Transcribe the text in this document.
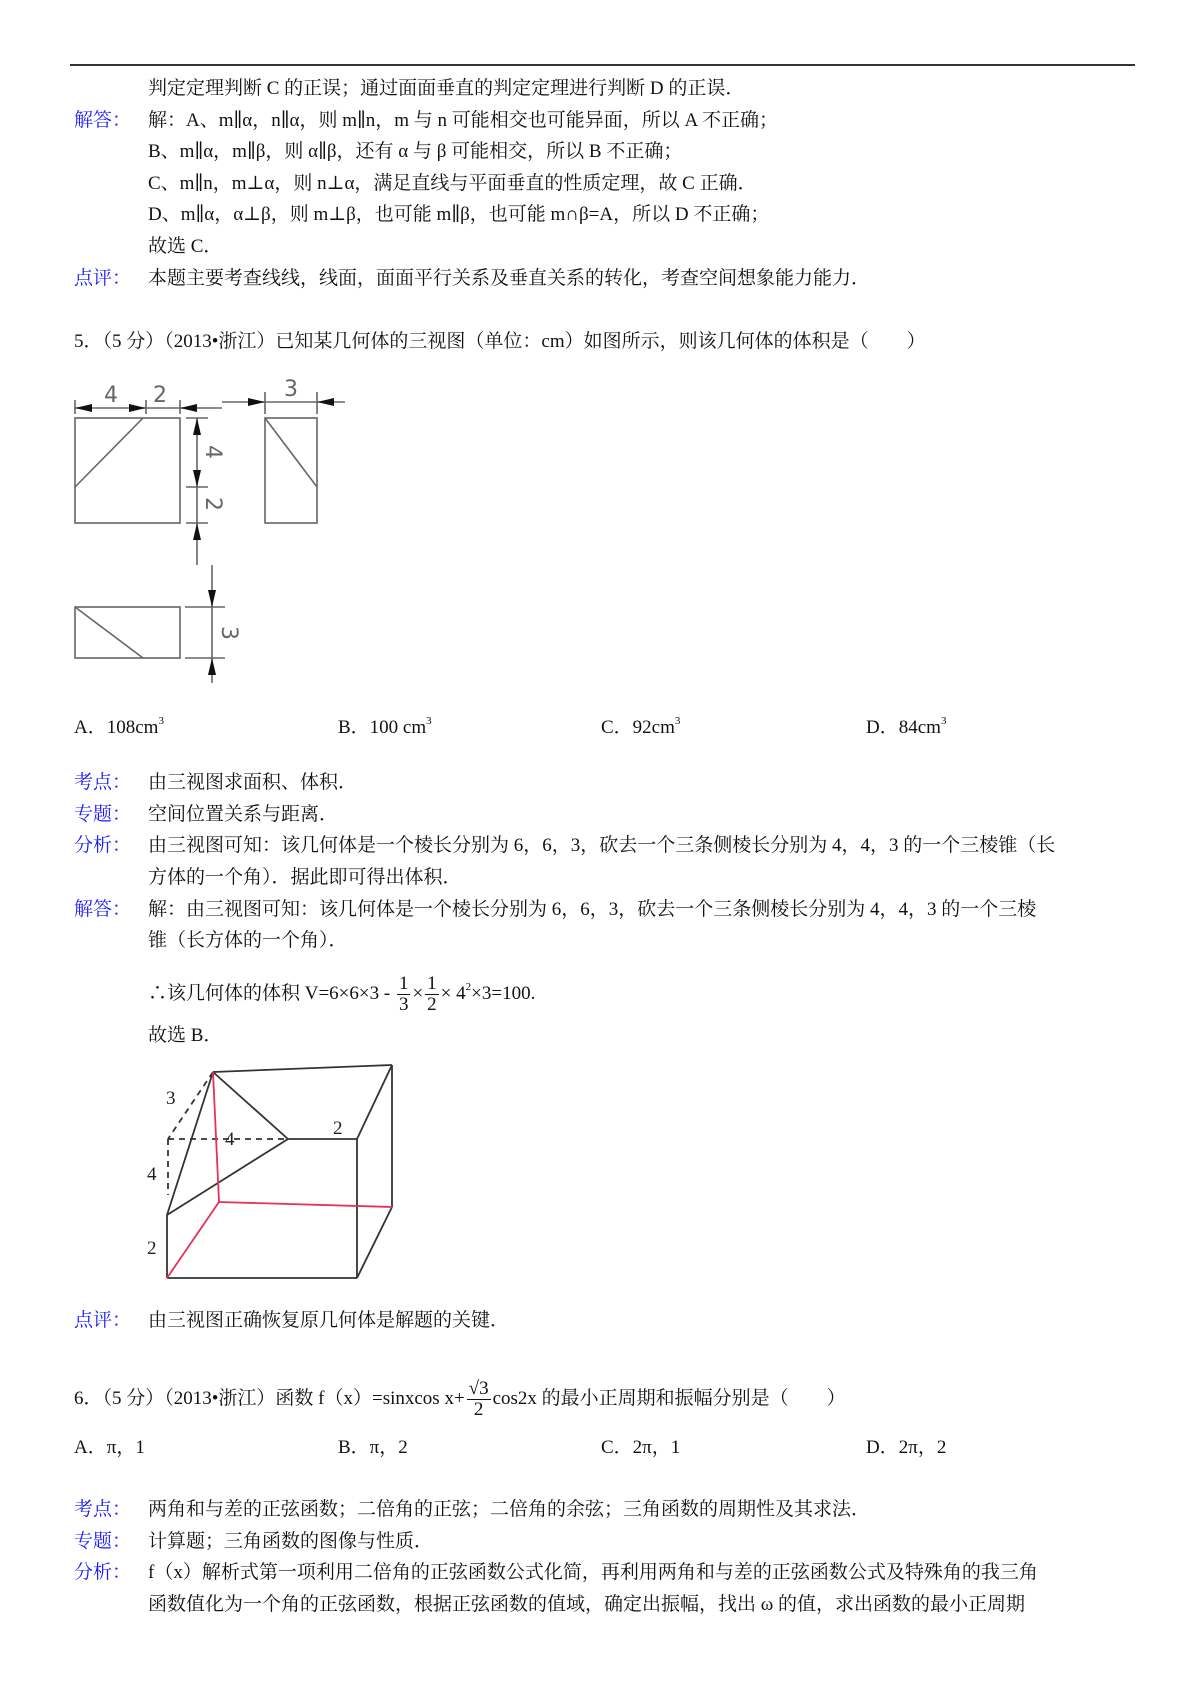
判定定理判断 C 的正误；通过面面垂直的判定定理进行判断 D 的正误．
解答： 解：A、m∥α，n∥α，则 m∥n，m 与 n 可能相交也可能异面，所以 A 不正确；
B、m∥α，m∥β，则 α∥β，还有 α 与 β 可能相交，所以 B 不正确；
C、m∥n，m⊥α，则 n⊥α，满足直线与平面垂直的性质定理，故 C 正确．
D、m∥α，α⊥β，则 m⊥β，也可能 m∥β，也可能 m∩β=A，所以 D 不正确；
故选 C．
点评： 本题主要考查线线，线面，面面平行关系及垂直关系的转化，考查空间想象能力能力．
5．（5 分）（2013•浙江）已知某几何体的三视图（单位：cm）如图所示，则该几何体的体积是（　　）
4 2	3
4
2
3
A．$108cm^3$	B．100 $cm^3$	C．$92cm^3$	D．$84cm^3$
考点： 由三视图求面积、体积．
专题： 空间位置关系与距离．
分析： 由三视图可知：该几何体是一个棱长分别为 6，6，3，砍去一个三条侧棱长分别为 4，4，3 的一个三棱锥（长
方体的一个角）．据此即可得出体积．
解答： 解：由三视图可知：该几何体是一个棱长分别为 6，6，3，砍去一个三条侧棱长分别为 4，4，3 的一个三棱
锥（长方体的一个角）．
∴该几何体的体积 $V=6\times 6\times 3 - \frac{1}{3} \times \frac{1}{2} \times 4^2\times 3=100$.
故选 B．
3
4
4
2
2
点评： 由三视图正确恢复原几何体是解题的关键．
6．（5 分）（2013•浙江）函数 f（x）=sinxcos $x+ \frac{√3}{2} \cos 2x$ 的最小正周期和振幅分别是（　　）
A．π，1	B．π，2	C．2π，1	D．2π，2
考点： 两角和与差的正弦函数；二倍角的正弦；二倍角的余弦；三角函数的周期性及其求法．
专题： 计算题；三角函数的图像与性质．
分析： f（x）解析式第一项利用二倍角的正弦函数公式化简，再利用两角和与差的正弦函数公式及特殊角的我三角
函数值化为一个角的正弦函数，根据正弦函数的值域，确定出振幅，找出 ω 的值，求出函数的最小正周期
